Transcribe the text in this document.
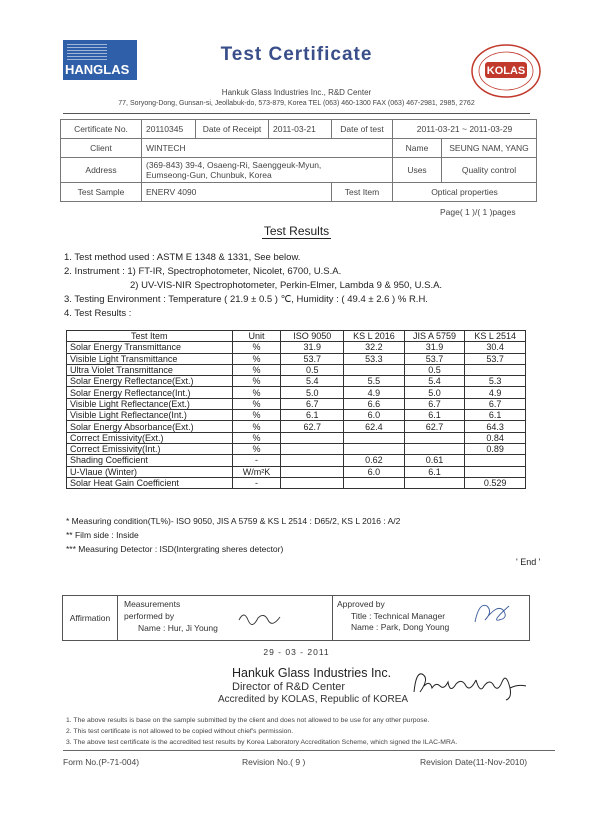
HANGLAS
Test Certificate
KOLAS
Hankuk Glass Industries Inc., R&D Center
77, Soryong-Dong, Gunsan-si, Jeollabuk-do, 573-879, Korea TEL (063) 460-1300 FAX (063) 467-2981, 2985, 2762
Certificate No.	20110345	Date of Receipt	2011-03-21	Date of test	2011-03-21 ~ 2011-03-29	
Client	WINTECH				Name	SEUNG NAM, YANG
Address	(369-843) 39-4, Osaeng-Ri, Saenggeuk-Myun,
Eumseong-Gun, Chunbuk, Korea				Uses	Quality control
Test Sample	ENERV 4090			Test Item	Optical properties	
Page( 1 )/( 1 )pages
Test Results
1. Test method used : ASTM E 1348 & 1331, See below.
2. Instrument : 1) FT-IR, Spectrophotometer, Nicolet, 6700, U.S.A.
2) UV-VIS-NIR Spectrophotometer, Perkin-Elmer, Lambda 9 & 950, U.S.A.
3. Testing Environment : Temperature ( 21.9 ± 0.5 ) ℃, Humidity : ( 49.4 ± 2.6 ) % R.H.
4. Test Results :
Test Item	Unit	ISO 9050	KS L 2016	JIS A 5759	KS L 2514
Solar Energy Transmittance	%	31.9	32.2	31.9	30.4
Visible Light Transmittance	%	53.7	53.3	53.7	53.7
Ultra Violet Transmittance	%	0.5		0.5	
Solar Energy Reflectance(Ext.)	%	5.4	5.5	5.4	5.3
Solar Energy Reflectance(Int.)	%	5.0	4.9	5.0	4.9
Visible Light Reflectance(Ext.)	%	6.7	6.6	6.7	6.7
Visible Light Reflectance(Int.)	%	6.1	6.0	6.1	6.1
Solar Energy Absorbance(Ext.)	%	62.7	62.4	62.7	64.3
Correct Emissivity(Ext.)	%				0.84
Correct Emissivity(Int.)	%				0.89
Shading Coefficient	-		0.62	0.61	
U-Vlaue (Winter)	W/m²K		6.0	6.1	
Solar Heat Gain Coefficient	-				0.529
* Measuring condition(TL%)- ISO 9050, JIS A 5759 & KS L 2514 : D65/2, KS L 2016 : A/2
** Film side : Inside
*** Measuring Detector : ISD(Intergrating sheres detector)
' End '
Affirmation
Measurements
performed by
Name : Hur, Ji Young
Approved by
Title : Technical Manager
Name : Park, Dong Young
29 - 03 - 2011
Hankuk Glass Industries Inc.
Director of R&D Center
Accredited by KOLAS, Republic of KOREA
1. The above results is base on the sample submitted by the client and does not allowed to be use for any other purpose.
2. This test certificate is not allowed to be copied without chief's permission.
3. The above test certificate is the accredited test results by Korea Laboratory Accreditation Scheme, which signed the ILAC-MRA.
Form No.(P-71-004)	Revision No.( 9 )	Revision Date(11-Nov-2010)
